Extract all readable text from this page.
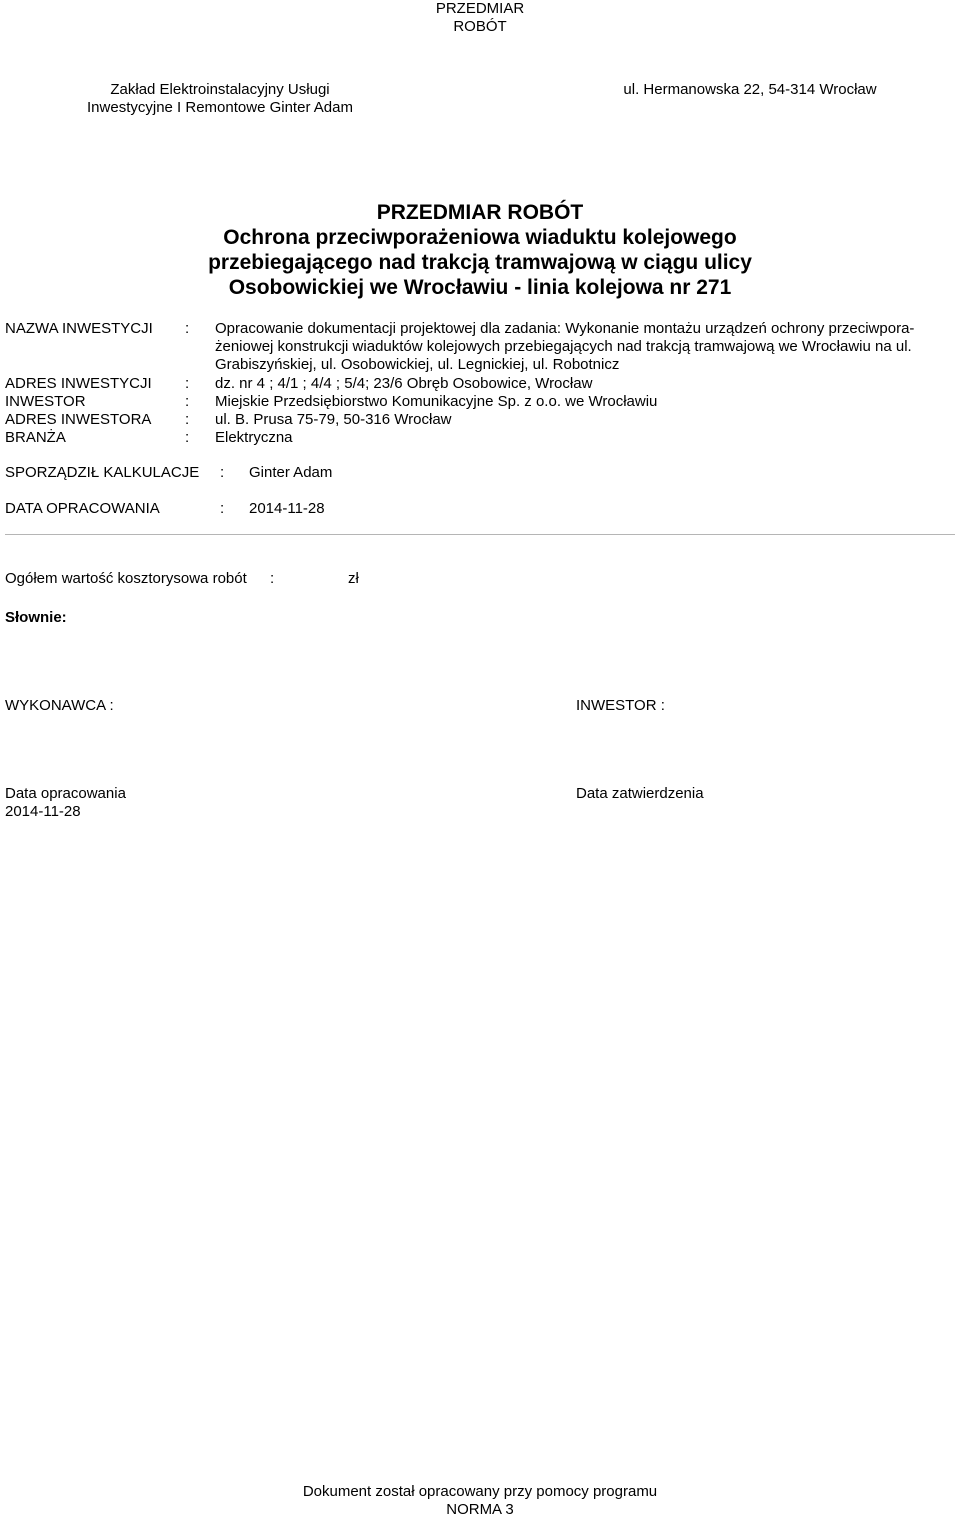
PRZEDMIAR
ROBÓT
Zakład Elektroinstalacyjny Usługi
Inwestycyjne I Remontowe Ginter Adam
ul. Hermanowska 22, 54-314 Wrocław
PRZEDMIAR ROBÓT
Ochrona przeciwporażeniowa wiaduktu kolejowego
przebiegającego nad trakcją tramwajową w ciągu ulicy
Osobowickiej we Wrocławiu - linia kolejowa nr 271
NAZWA INWESTYCJI	: Opracowanie dokumentacji projektowej dla zadania: Wykonanie montażu urządzeń ochrony przeciwpora-
żeniowej konstrukcji wiaduktów kolejowych przebiegających nad trakcją tramwajową we Wrocławiu na ul.
Grabiszyńskiej, ul. Osobowickiej, ul. Legnickiej, ul. Robotnicz
ADRES INWESTYCJI	: dz. nr 4 ; 4/1 ; 4/4 ; 5/4; 23/6 Obręb Osobowice, Wrocław
INWESTOR	: Miejskie Przedsiębiorstwo Komunikacyjne Sp. z o.o. we Wrocławiu
ADRES INWESTORA	: ul. B. Prusa 75-79, 50-316 Wrocław
BRANŻA	: Elektryczna
SPORZĄDZIŁ KALKULACJE : Ginter Adam
DATA OPRACOWANIA	: 2014-11-28
Ogółem wartość kosztorysowa robót :	zł
Słownie:
WYKONAWCA :	INWESTOR :
Data opracowania
2014-11-28
Data zatwierdzenia
Dokument został opracowany przy pomocy programu
NORMA 3
